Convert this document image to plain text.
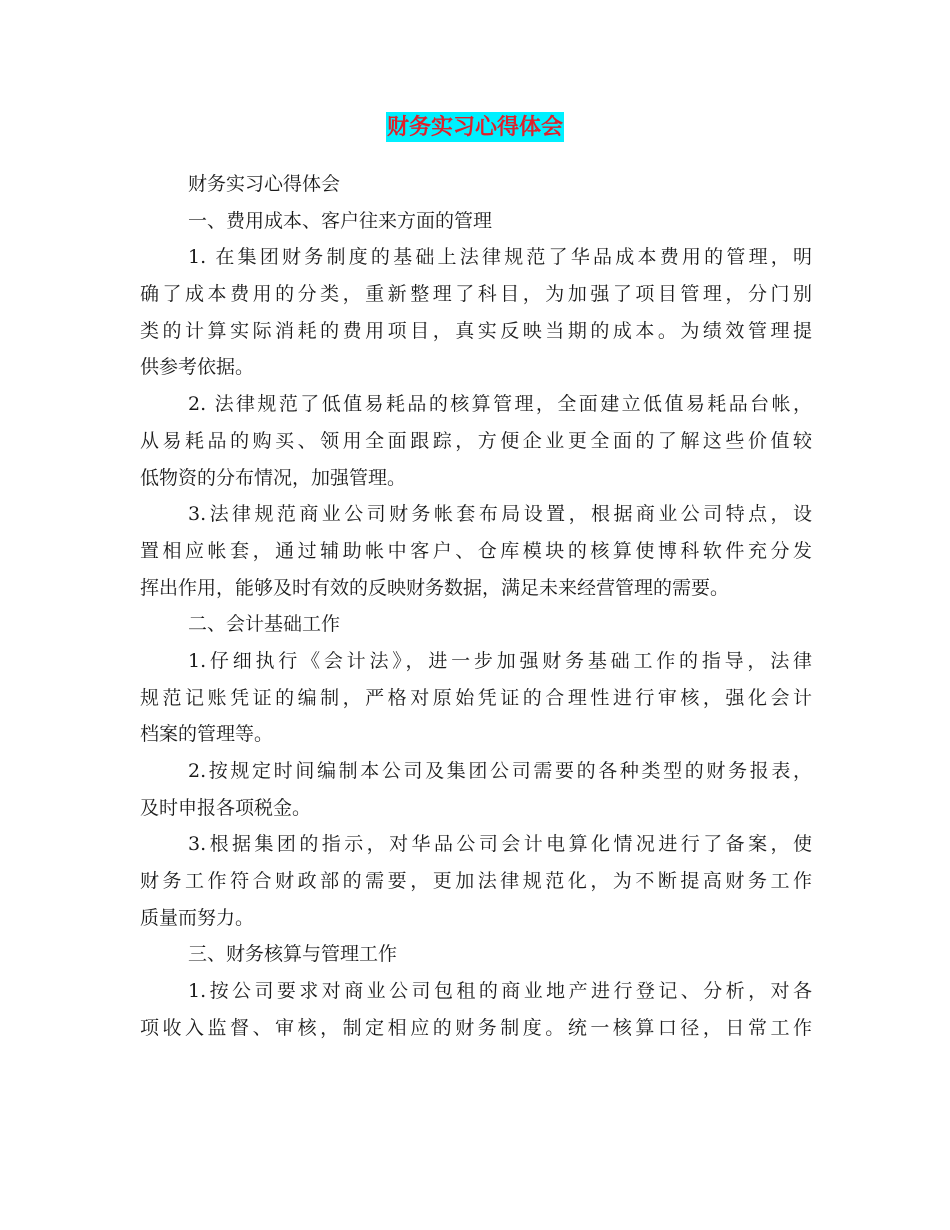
财务实习心得体会
财务实习心得体会
一、费用成本、客户往来方面的管理
1. 在集团财务制度的基础上法律规范了华品成本费用的管理，明
确了成本费用的分类，重新整理了科目，为加强了项目管理，分门别
类的计算实际消耗的费用项目，真实反映当期的成本。为绩效管理提
供参考依据。
2. 法律规范了低值易耗品的核算管理，全面建立低值易耗品台帐，
从易耗品的购买、领用全面跟踪，方便企业更全面的了解这些价值较
低物资的分布情况，加强管理。
3.法律规范商业公司财务帐套布局设置，根据商业公司特点，设
置相应帐套，通过辅助帐中客户、仓库模块的核算使博科软件充分发
挥出作用，能够及时有效的反映财务数据，满足未来经营管理的需要。
二、会计基础工作
1.仔细执行《会计法》，进一步加强财务基础工作的指导，法律
规范记账凭证的编制，严格对原始凭证的合理性进行审核，强化会计
档案的管理等。
2.按规定时间编制本公司及集团公司需要的各种类型的财务报表，
及时申报各项税金。
3.根据集团的指示，对华品公司会计电算化情况进行了备案，使
财务工作符合财政部的需要，更加法律规范化，为不断提高财务工作
质量而努力。
三、财务核算与管理工作
1.按公司要求对商业公司包租的商业地产进行登记、分析，对各
项收入监督、审核，制定相应的财务制度。统一核算口径，日常工作
